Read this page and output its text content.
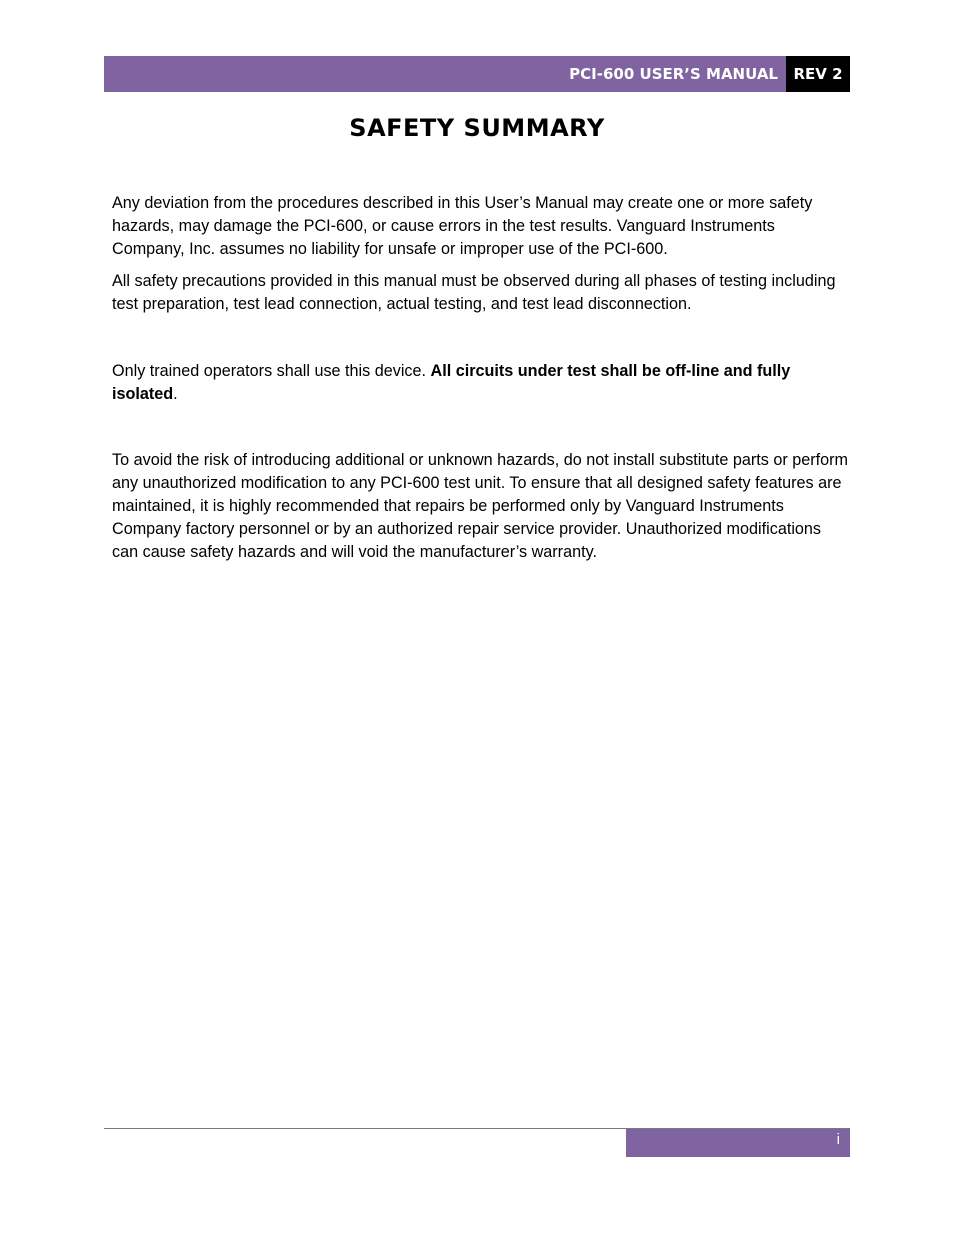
PCI-600 USER’S MANUAL	REV 2
SAFETY SUMMARY

Any deviation from the procedures described in this User’s Manual may create one or more safety hazards, may damage the PCI-600, or cause errors in the test results. Vanguard Instruments Company, Inc. assumes no liability for unsafe or improper use of the PCI-600.

All safety precautions provided in this manual must be observed during all phases of testing including test preparation, test lead connection, actual testing, and test lead disconnection.

Only trained operators shall use this device. All circuits under test shall be off-line and fully isolated.

To avoid the risk of introducing additional or unknown hazards, do not install substitute parts or perform any unauthorized modification to any PCI-600 test unit. To ensure that all designed safety features are maintained, it is highly recommended that repairs be performed only by Vanguard Instruments Company factory personnel or by an authorized repair service provider. Unauthorized modifications can cause safety hazards and will void the manufacturer’s warranty.

i
